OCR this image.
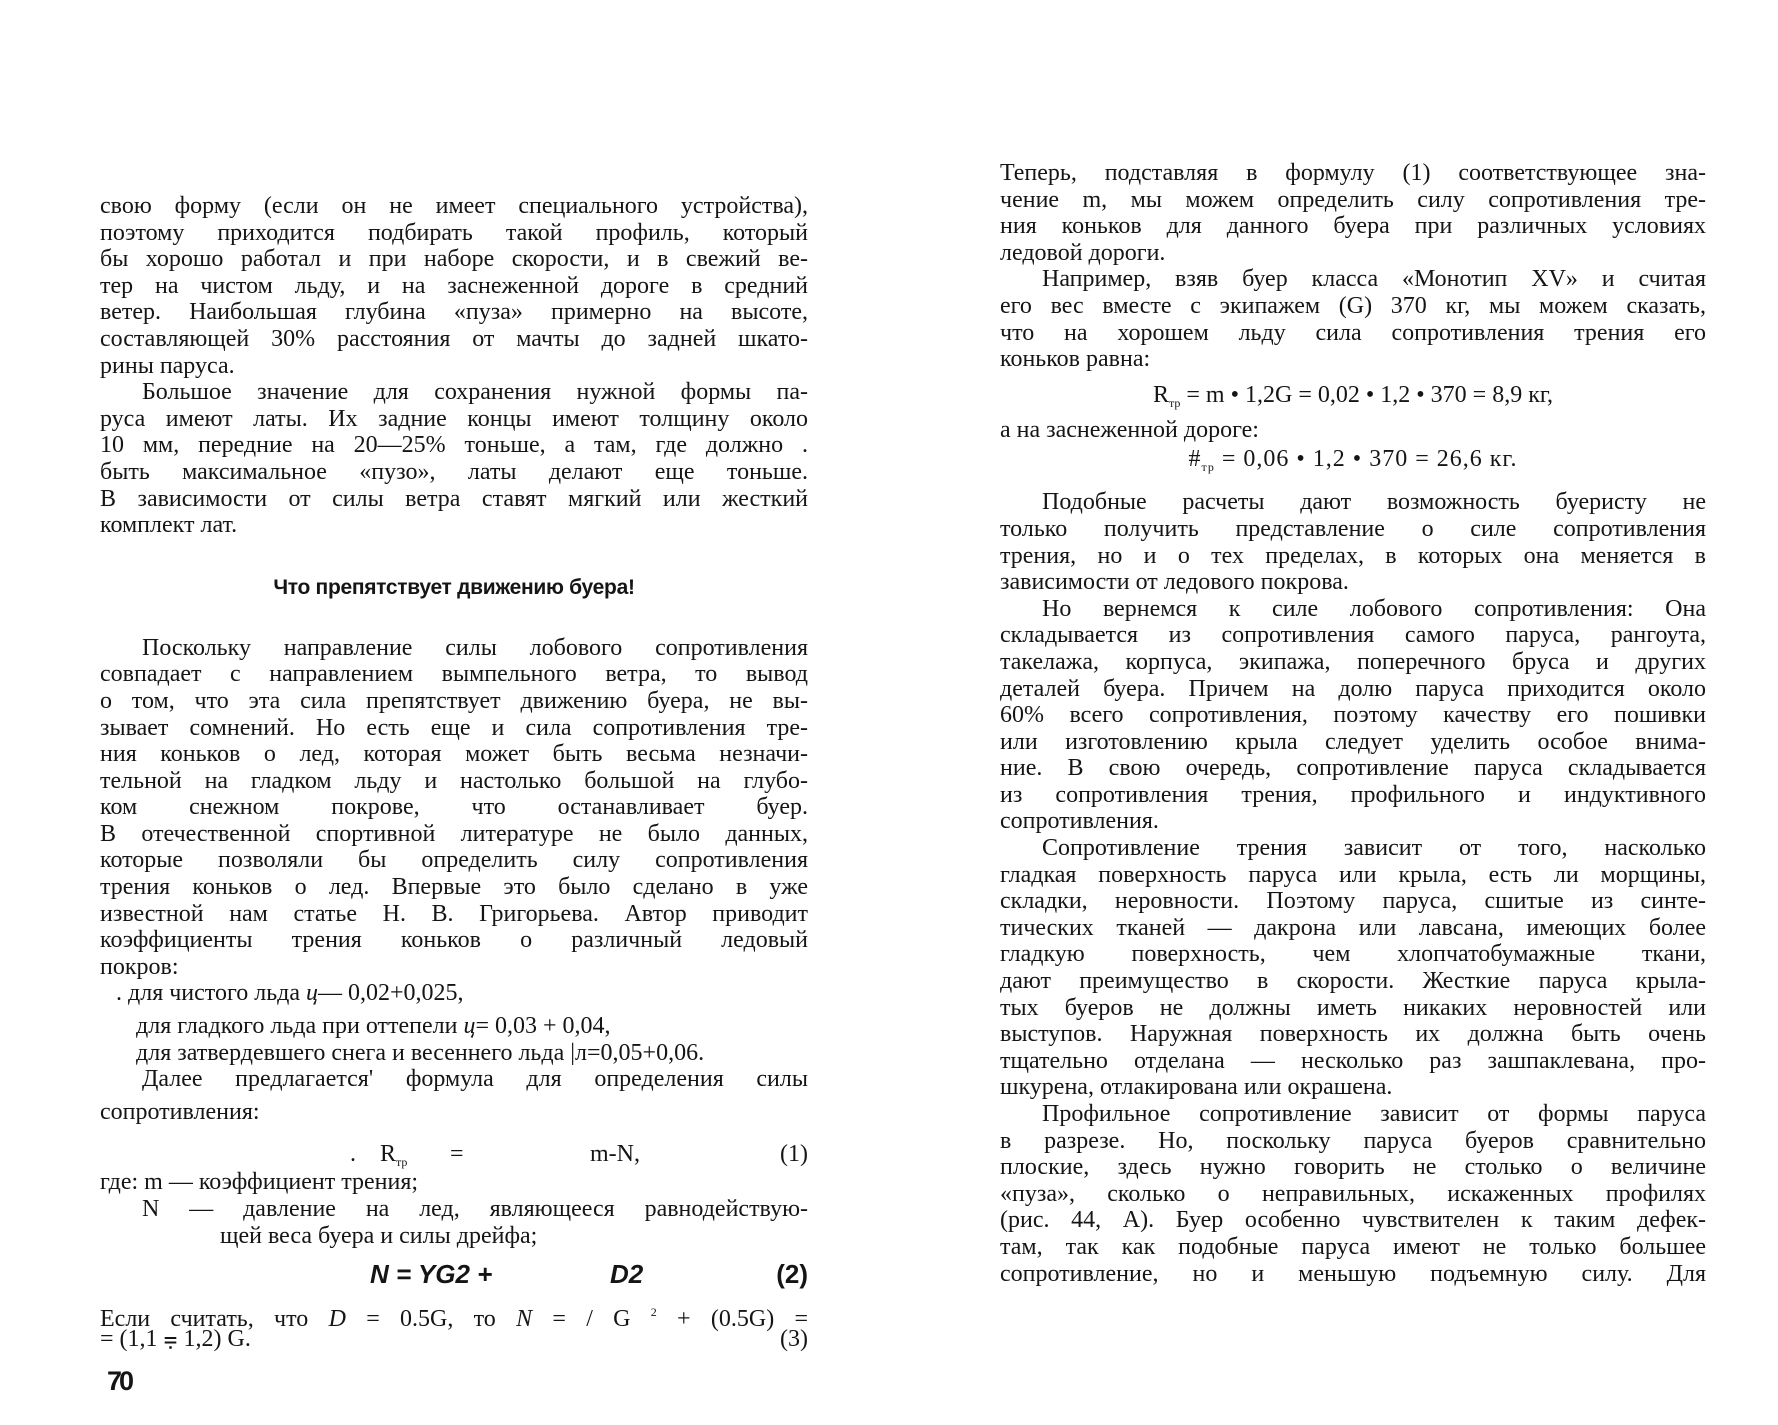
свою форму (если он не имеет специального устройства),
поэтому приходится подбирать такой профиль, который
бы хорошо работал и при наборе скорости, и в свежий ве-
тер на чистом льду, и на заснеженной дороге в средний
ветер. Наибольшая глубина «пуза» примерно на высоте,
составляющей 30% расстояния от мачты до задней шкато-
рины паруса.
Большое значение для сохранения нужной формы па-
руса имеют латы. Их задние концы имеют толщину около
10 мм, передние на 20—25% тоньше, а там, где должно .
быть максимальное «пузо», латы делают еще тоньше.
В зависимости от силы ветра ставят мягкий или жесткий
комплект лат.
Что препятствует движению буера!
Поскольку направление силы лобового сопротивления
совпадает с направлением вымпельного ветра, то вывод
о том, что эта сила препятствует движению буера, не вы-
зывает сомнений. Но есть еще и сила сопротивления тре-
ния коньков о лед, которая может быть весьма незначи-
тельной на гладком льду и настолько большой на глубо-
ком снежном покрове, что останавливает буер.
В отечественной спортивной литературе не было данных,
которые позволяли бы определить силу сопротивления
трения коньков о лед. Впервые это было сделано в уже
известной нам статье Н. В. Григорьева. Автор приводит
коэффициенты трения коньков о различный ледовый
покров:
. для чистого льда ц— 0,02+0,025,
для гладкого льда при оттепели ц= 0,03 + 0,04,
для затвердевшего снега и весеннего льда |л=0,05+0,06.
Далее предлагается' формула для определения силы
сопротивления:
.	$R_{тр}$	=	m-N,	(1)
где: m — коэффициент трения;
N — давление на лед, являющееся равнодействую-
щей веса буера и силы дрейфа;
N = YG2 +	D2	(2)
Если считать, что D = 0.5G, то N = / G $^2$ + (0.5G) =
= (1,1 ⩦ 1,2) G.	(3)
70
Теперь, подставляя в формулу (1) соответствующее зна-
чение m, мы можем определить силу сопротивления тре-
ния коньков для данного буера при различных условиях
ледовой дороги.
Например, взяв буер класса «Монотип XV» и считая
его вес вместе с экипажем (G) 370 кг, мы можем сказать,
что на хорошем льду сила сопротивления трения его
коньков равна:
$R_{тр} = m$ • 1,2G = 0,02 • 1,2 • 370 = 8,9 кг,
а на заснеженной дороге:
$\#_{тр} = 0,06$ • 1,2 • 370 = 26,6 кг.
Подобные расчеты дают возможность буеристу не
только получить представление о силе сопротивления
трения, но и о тех пределах, в которых она меняется в
зависимости от ледового покрова.
Но вернемся к силе лобового сопротивления: Она
складывается из сопротивления самого паруса, рангоута,
такелажа, корпуса, экипажа, поперечного бруса и других
деталей буера. Причем на долю паруса приходится около
60% всего сопротивления, поэтому качеству его пошивки
или изготовлению крыла следует уделить особое внима-
ние. В свою очередь, сопротивление паруса складывается
из сопротивления трения, профильного и индуктивного
сопротивления.
Сопротивление трения зависит от того, насколько
гладкая поверхность паруса или крыла, есть ли морщины,
складки, неровности. Поэтому паруса, сшитые из синте-
тических тканей — дакрона или лавсана, имеющих более
гладкую поверхность, чем хлопчатобумажные ткани,
дают преимущество в скорости. Жесткие паруса крыла-
тых буеров не должны иметь никаких неровностей или
выступов. Наружная поверхность их должна быть очень
тщательно отделана — несколько раз зашпаклевана, про-
шкурена, отлакирована или окрашена.
Профильное сопротивление зависит от формы паруса
в разрезе. Но, поскольку паруса буеров сравнительно
плоские, здесь нужно говорить не столько о величине
«пуза», сколько о неправильных, искаженных профилях
(рис. 44, А). Буер особенно чувствителен к таким дефек-
там, так как подобные паруса имеют не только большее
сопротивление, но и меньшую подъемную силу. Для
